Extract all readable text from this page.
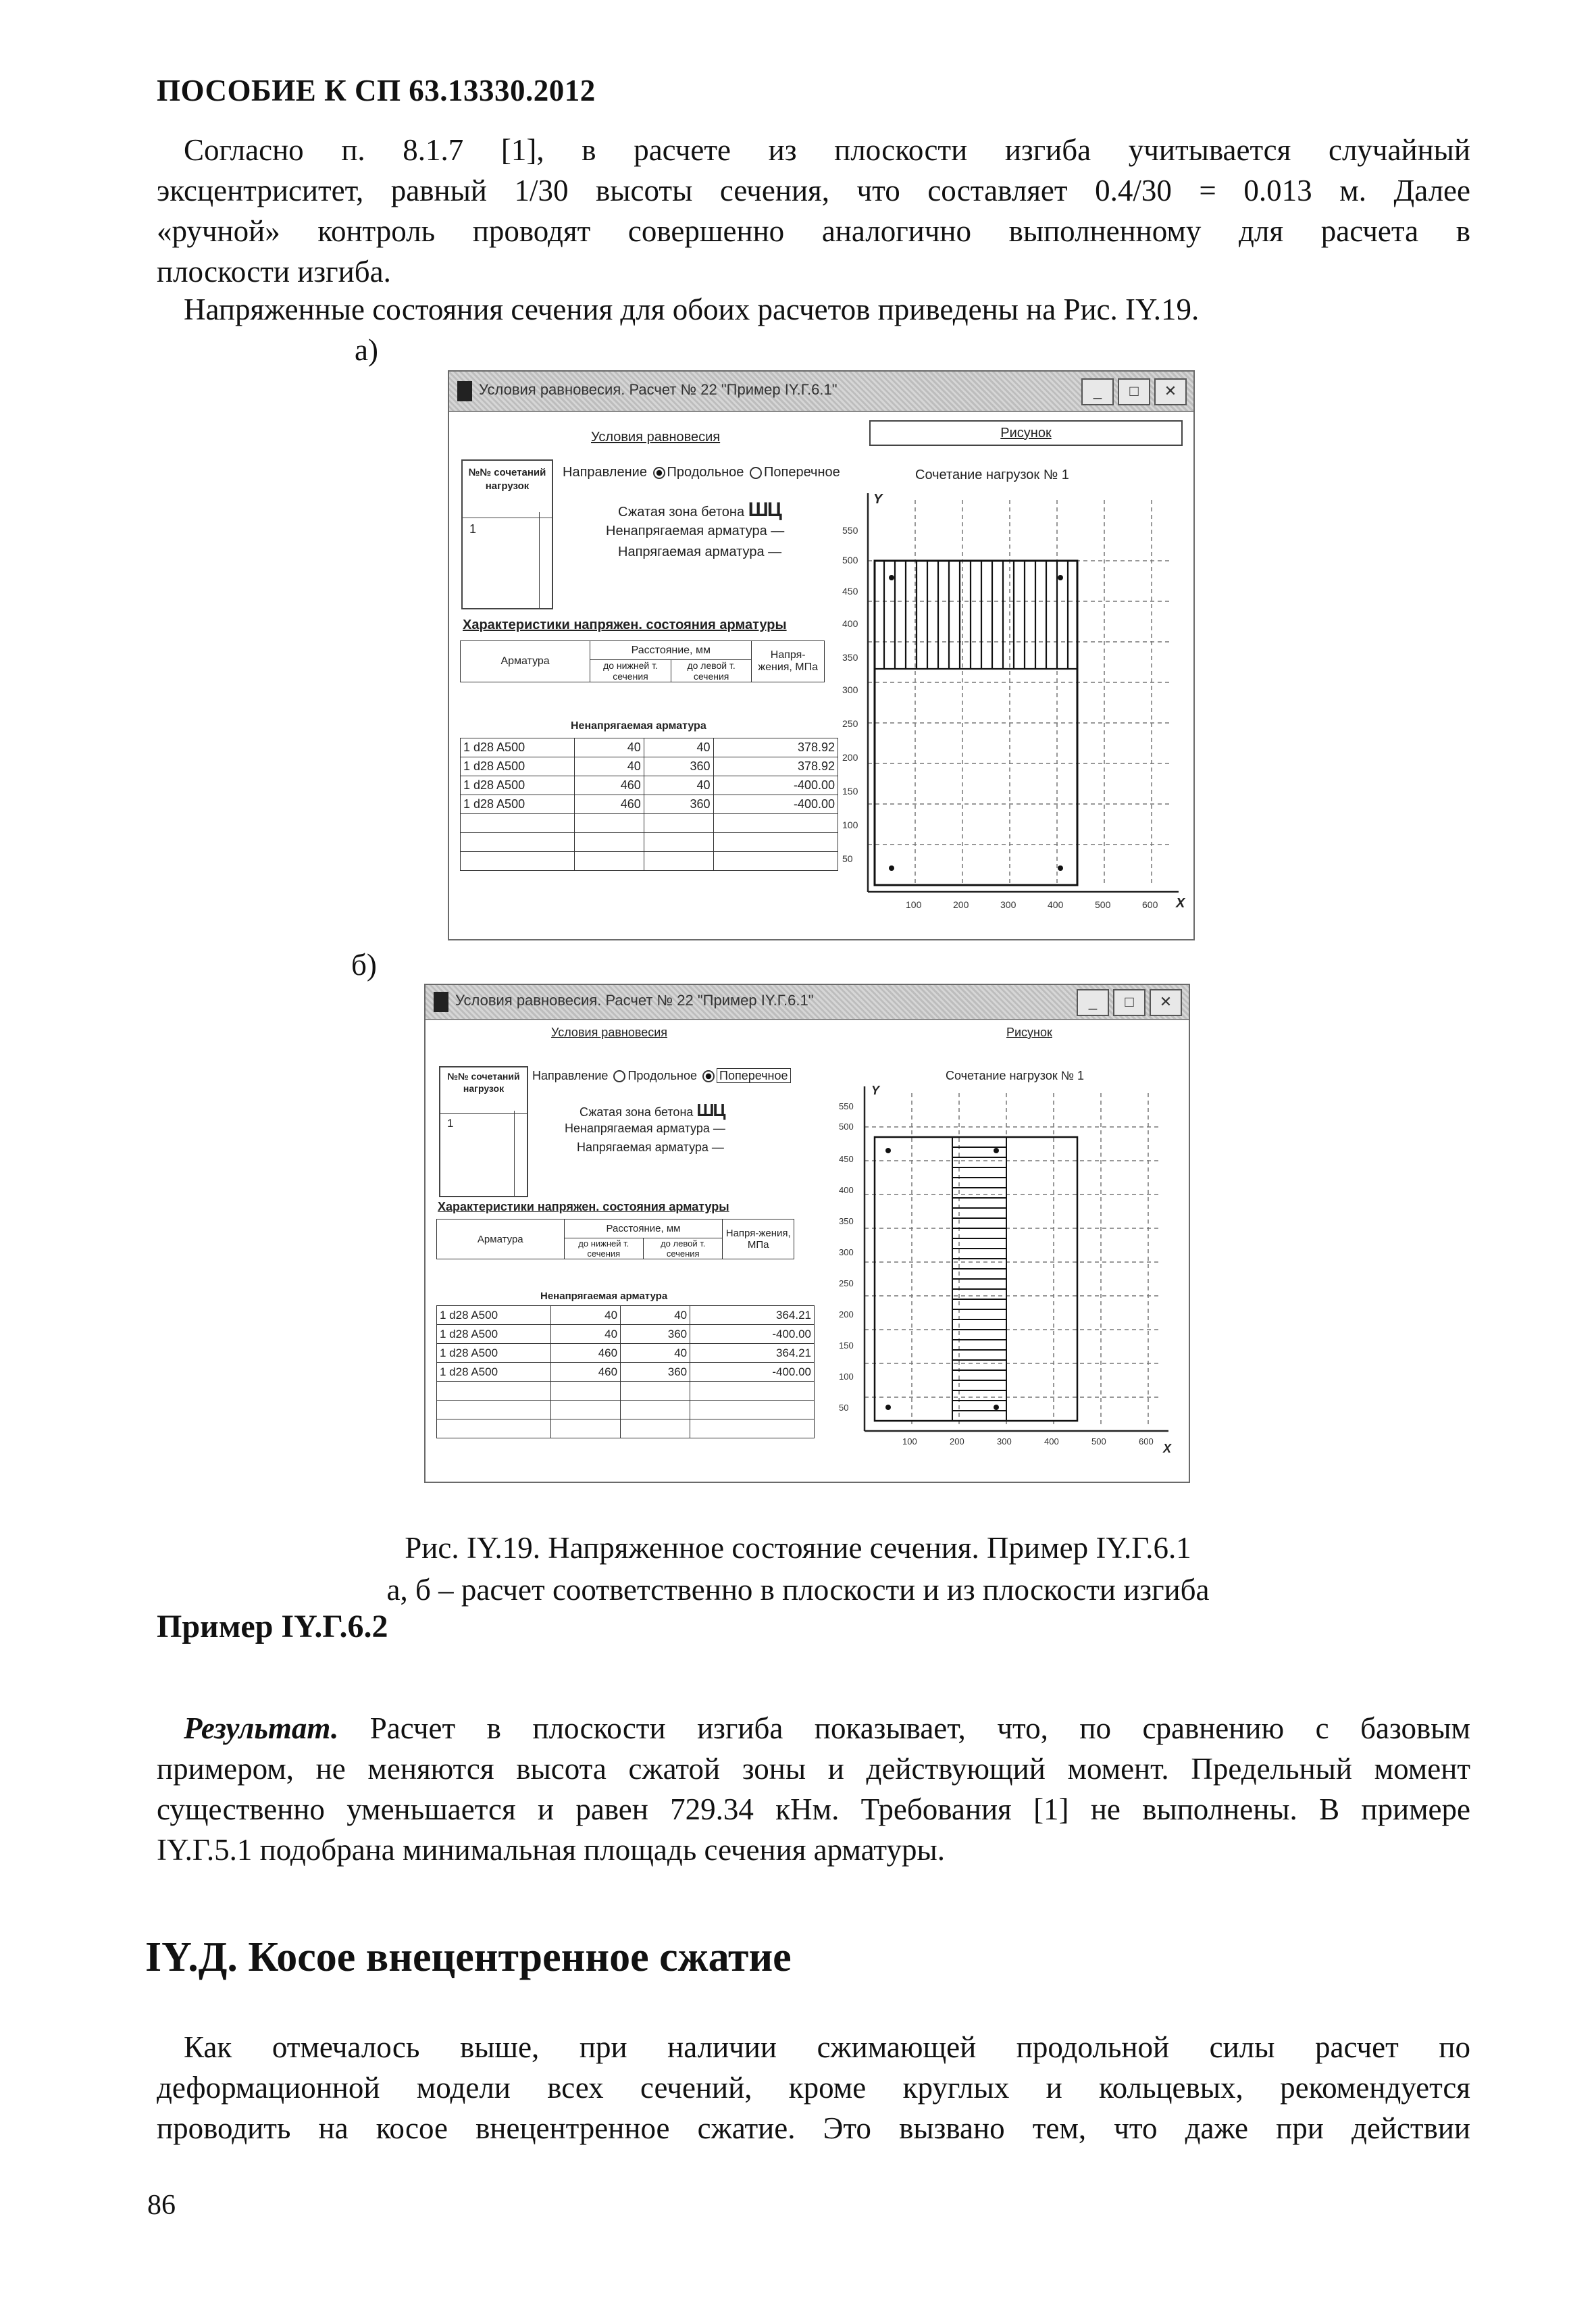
ПОСОБИЕ К СП 63.13330.2012

Согласно п. 8.1.7 [1], в расчете из плоскости изгиба учитывается случайный
эксцентриситет, равный 1/30 высоты сечения, что составляет 0.4/30 = 0.013 м. Далее
«ручной» контроль проводят совершенно аналогично выполненному для расчета в
плоскости изгиба.

Напряженные состояния сечения для обоих расчетов приведены на Рис. IY.19.

а)

б)

Условия равновесия. Расчет № 22 "Пример IY.Г.6.1"	_	□	✕
Условия равновесия	Рисунок
№№ сочетаний нагрузок
1
Направление Продольное Поперечное
Сжатая зона бетона ШЦ
Ненапрягаемая арматура —
Напрягаемая арматура —
Характеристики напряжен. состояния арматуры
Арматура	Расстояние, мм		Напря-жения, МПа
	до нижней т. сечения	до левой т. сечения	
Ненапрягаемая арматура
1 d28 A500	40	40	378.92
1 d28 A500	40	360	378.92
1 d28 A500	460	40	-400.00
1 d28 A500	460	360	-400.00

Сочетание нагрузок № 1
Y
X
550
500
450
400
350
300
250
200
150
100
50
100	200	300	400	500	600
Условия равновесия. Расчет № 22 "Пример IY.Г.6.1"	_	□	✕
Условия равновесия	Рисунок
№№ сочетаний нагрузок
1
Направление Продольное Поперечное
Сжатая зона бетона ШЦ
Ненапрягаемая арматура —
Напрягаемая арматура —
Характеристики напряжен. состояния арматуры
Арматура	Расстояние, мм		Напря-жения, МПа
	до нижней т. сечения	до левой т. сечения	
Ненапрягаемая арматура
1 d28 A500	40	40	364.21
1 d28 A500	40	360	-400.00
1 d28 A500	460	40	364.21
1 d28 A500	460	360	-400.00

Сочетание нагрузок № 1
Y
X
550
500
450
400
350
300
250
200
150
100
50
100	200	300	400	500	600
Рис. IY.19. Напряженное состояние сечения. Пример IY.Г.6.1
а, б – расчет соответственно в плоскости и из плоскости изгиба

Пример IY.Г.6.2

Результат. Расчет в плоскости изгиба показывает, что, по сравнению с базовым
примером, не меняются высота сжатой зоны и действующий момент. Предельный момент
существенно уменьшается и равен 729.34 кНм. Требования [1] не выполнены. В примере
IY.Г.5.1 подобрана минимальная площадь сечения арматуры.

IY.Д. Косое внецентренное сжатие

Как отмечалось выше, при наличии сжимающей продольной силы расчет по
деформационной модели всех сечений, кроме круглых и кольцевых, рекомендуется
проводить на косое внецентренное сжатие. Это вызвано тем, что даже при действии

86
